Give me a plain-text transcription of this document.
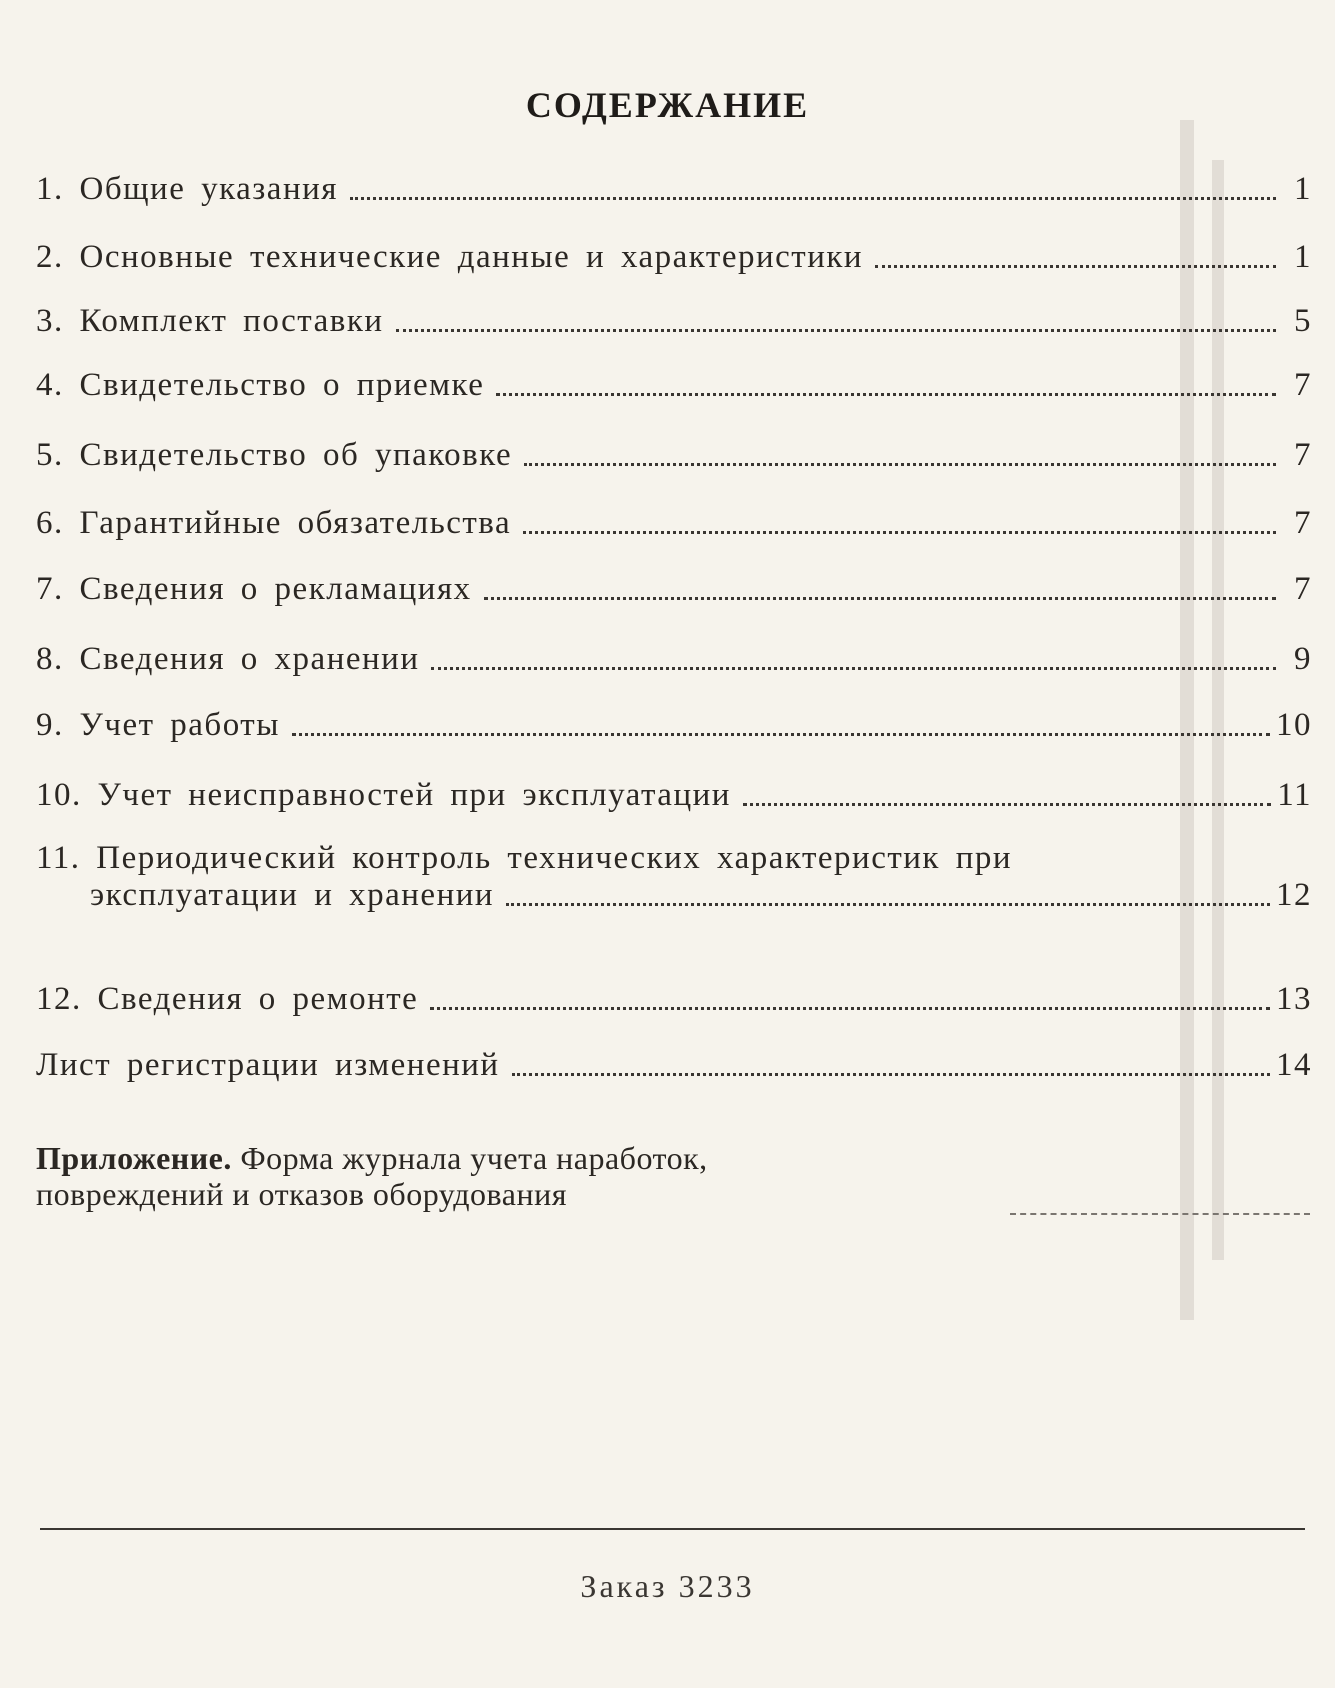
СОДЕРЖАНИЕ
1. Общие указания	1
2. Основные технические данные и характеристики	1
3. Комплект поставки	5
4. Свидетельство о приемке	7
5. Свидетельство об упаковке	7
6. Гарантийные обязательства	7
7. Сведения о рекламациях	7
8. Сведения о хранении	9
9. Учет работы	10
10. Учет неисправностей при эксплуатации	11
11. Периодический контроль технических характеристик при
эксплуатации и хранении	12
12. Сведения о ремонте	13
Лист регистрации изменений	14
Приложение. Форма журнала учета наработок,
повреждений и отказов оборудования
Заказ 3233
